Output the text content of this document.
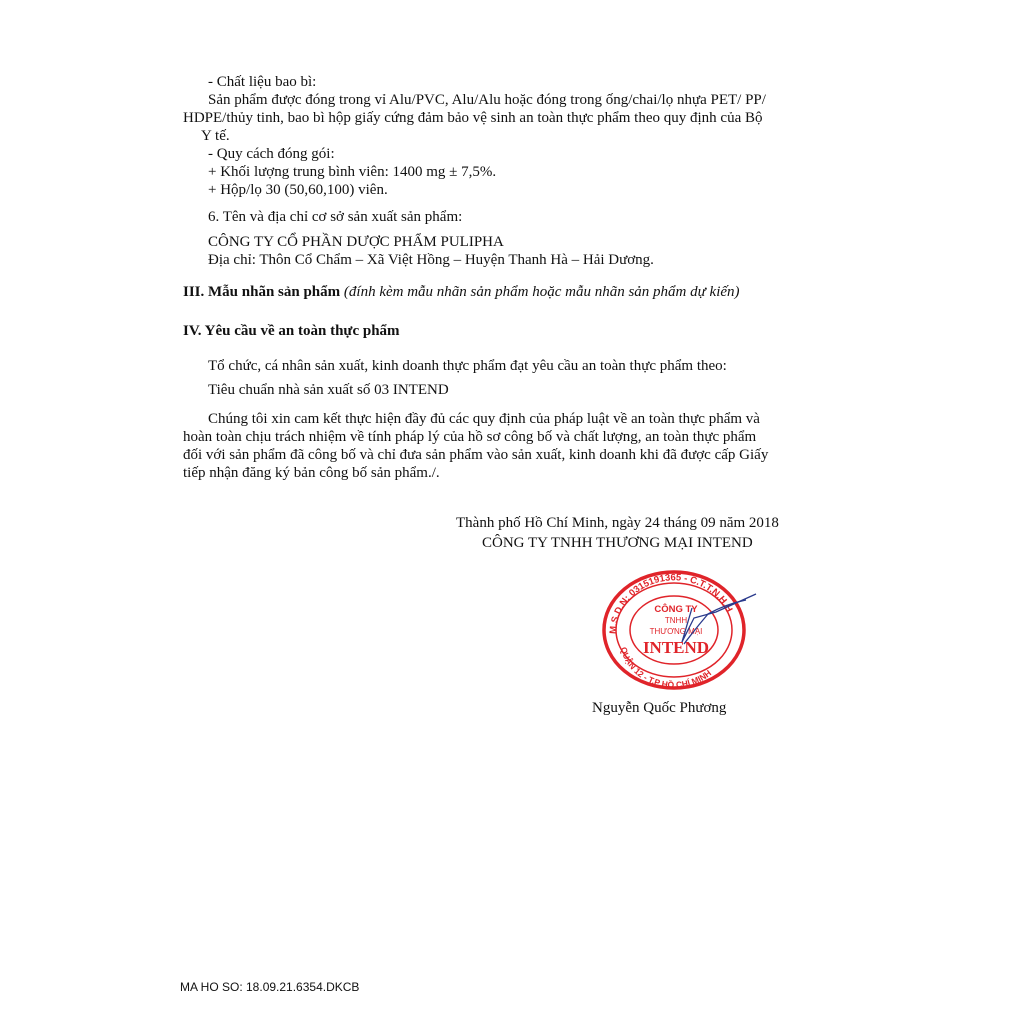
- Chất liệu bao bì:
Sản phẩm được đóng trong vỉ Alu/PVC, Alu/Alu hoặc đóng trong ống/chai/lọ nhựa PET/ PP/
HDPE/thủy tinh, bao bì hộp giấy cứng đảm bảo vệ sinh an toàn thực phẩm theo quy định của Bộ
Y tế.
- Quy cách đóng gói:
+ Khối lượng trung bình viên: 1400 mg ± 7,5%.
+ Hộp/lọ 30 (50,60,100) viên.
6. Tên và địa chỉ cơ sở sản xuất sản phẩm:
CÔNG TY CỔ PHẦN DƯỢC PHẨM PULIPHA
Địa chỉ: Thôn Cổ Chẩm – Xã Việt Hồng – Huyện Thanh Hà – Hải Dương.
III. Mẫu nhãn sản phẩm (đính kèm mẫu nhãn sản phẩm hoặc mẫu nhãn sản phẩm dự kiến)
IV. Yêu cầu về an toàn thực phẩm
Tổ chức, cá nhân sản xuất, kinh doanh thực phẩm đạt yêu cầu an toàn thực phẩm theo:
Tiêu chuẩn nhà sản xuất số 03 INTEND
Chúng tôi xin cam kết thực hiện đầy đủ các quy định của pháp luật về an toàn thực phẩm và
hoàn toàn chịu trách nhiệm về tính pháp lý của hồ sơ công bố và chất lượng, an toàn thực phẩm
đối với sản phẩm đã công bố và chỉ đưa sản phẩm vào sản xuất, kinh doanh khi đã được cấp Giấy
tiếp nhận đăng ký bản công bố sản phẩm./.
Thành phố Hồ Chí Minh, ngày 24 tháng 09 năm 2018
CÔNG TY TNHH THƯƠNG MẠI INTEND
M.S.D.N: 0315191365 - C.T.T.N.H.H
QUẬN 12 - T.P HỒ CHÍ MINH
CÔNG TY
TNHH
THƯƠNG MẠI
INTEND
Nguyễn Quốc Phương
MA HO SO: 18.09.21.6354.DKCB
